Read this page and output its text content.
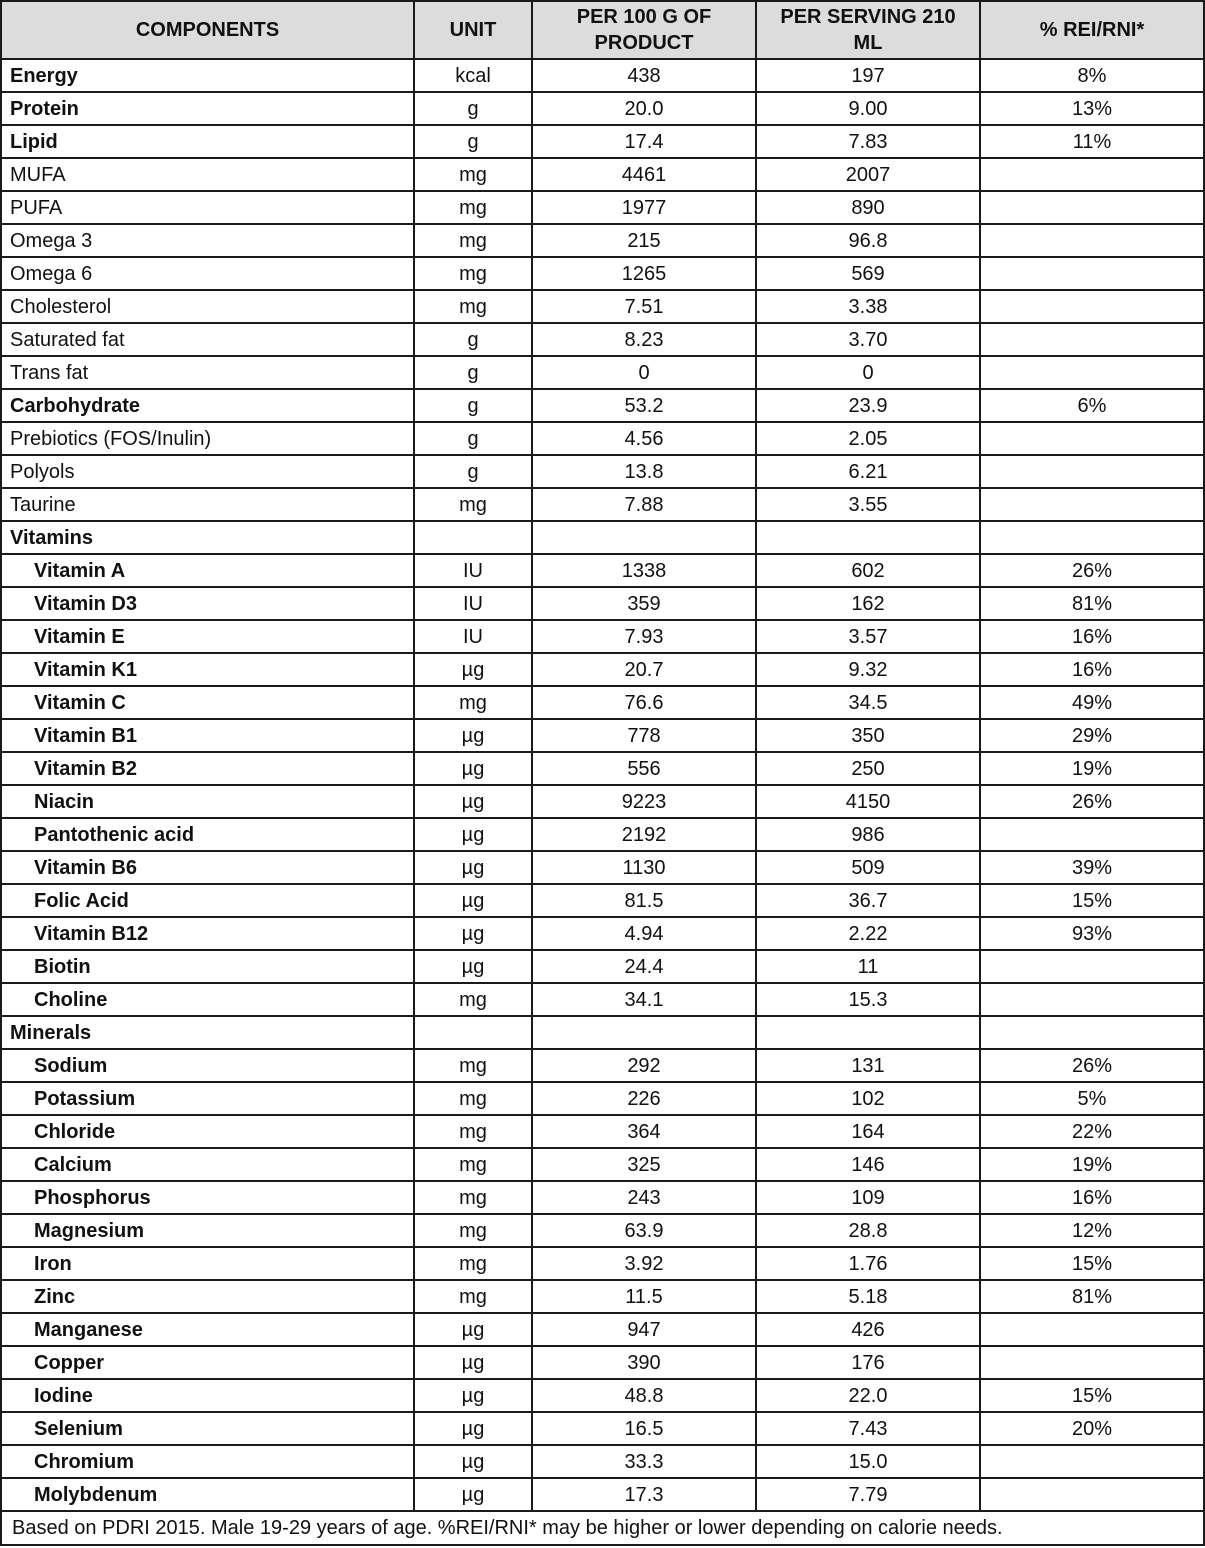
COMPONENTS	UNIT	PER 100 G OF PRODUCT	PER SERVING 210 ML	% REI/RNI*
Energy	kcal	438	197	8%
Protein	g	20.0	9.00	13%
Lipid	g	17.4	7.83	11%
MUFA	mg	4461	2007	
PUFA	mg	1977	890	
Omega 3	mg	215	96.8	
Omega 6	mg	1265	569	
Cholesterol	mg	7.51	3.38	
Saturated fat	g	8.23	3.70	
Trans fat	g	0	0	
Carbohydrate	g	53.2	23.9	6%
Prebiotics (FOS/Inulin)	g	4.56	2.05	
Polyols	g	13.8	6.21	
Taurine	mg	7.88	3.55	
Vitamins				
Vitamin A	IU	1338	602	26%
Vitamin D3	IU	359	162	81%
Vitamin E	IU	7.93	3.57	16%
Vitamin K1	µg	20.7	9.32	16%
Vitamin C	mg	76.6	34.5	49%
Vitamin B1	µg	778	350	29%
Vitamin B2	µg	556	250	19%
Niacin	µg	9223	4150	26%
Pantothenic acid	µg	2192	986	
Vitamin B6	µg	1130	509	39%
Folic Acid	µg	81.5	36.7	15%
Vitamin B12	µg	4.94	2.22	93%
Biotin	µg	24.4	11	
Choline	mg	34.1	15.3	
Minerals				
Sodium	mg	292	131	26%
Potassium	mg	226	102	5%
Chloride	mg	364	164	22%
Calcium	mg	325	146	19%
Phosphorus	mg	243	109	16%
Magnesium	mg	63.9	28.8	12%
Iron	mg	3.92	1.76	15%
Zinc	mg	11.5	5.18	81%
Manganese	µg	947	426	
Copper	µg	390	176	
Iodine	µg	48.8	22.0	15%
Selenium	µg	16.5	7.43	20%
Chromium	µg	33.3	15.0	
Molybdenum	µg	17.3	7.79	
Based on PDRI 2015. Male 19-29 years of age. %REI/RNI* may be higher or lower depending on calorie needs.				
